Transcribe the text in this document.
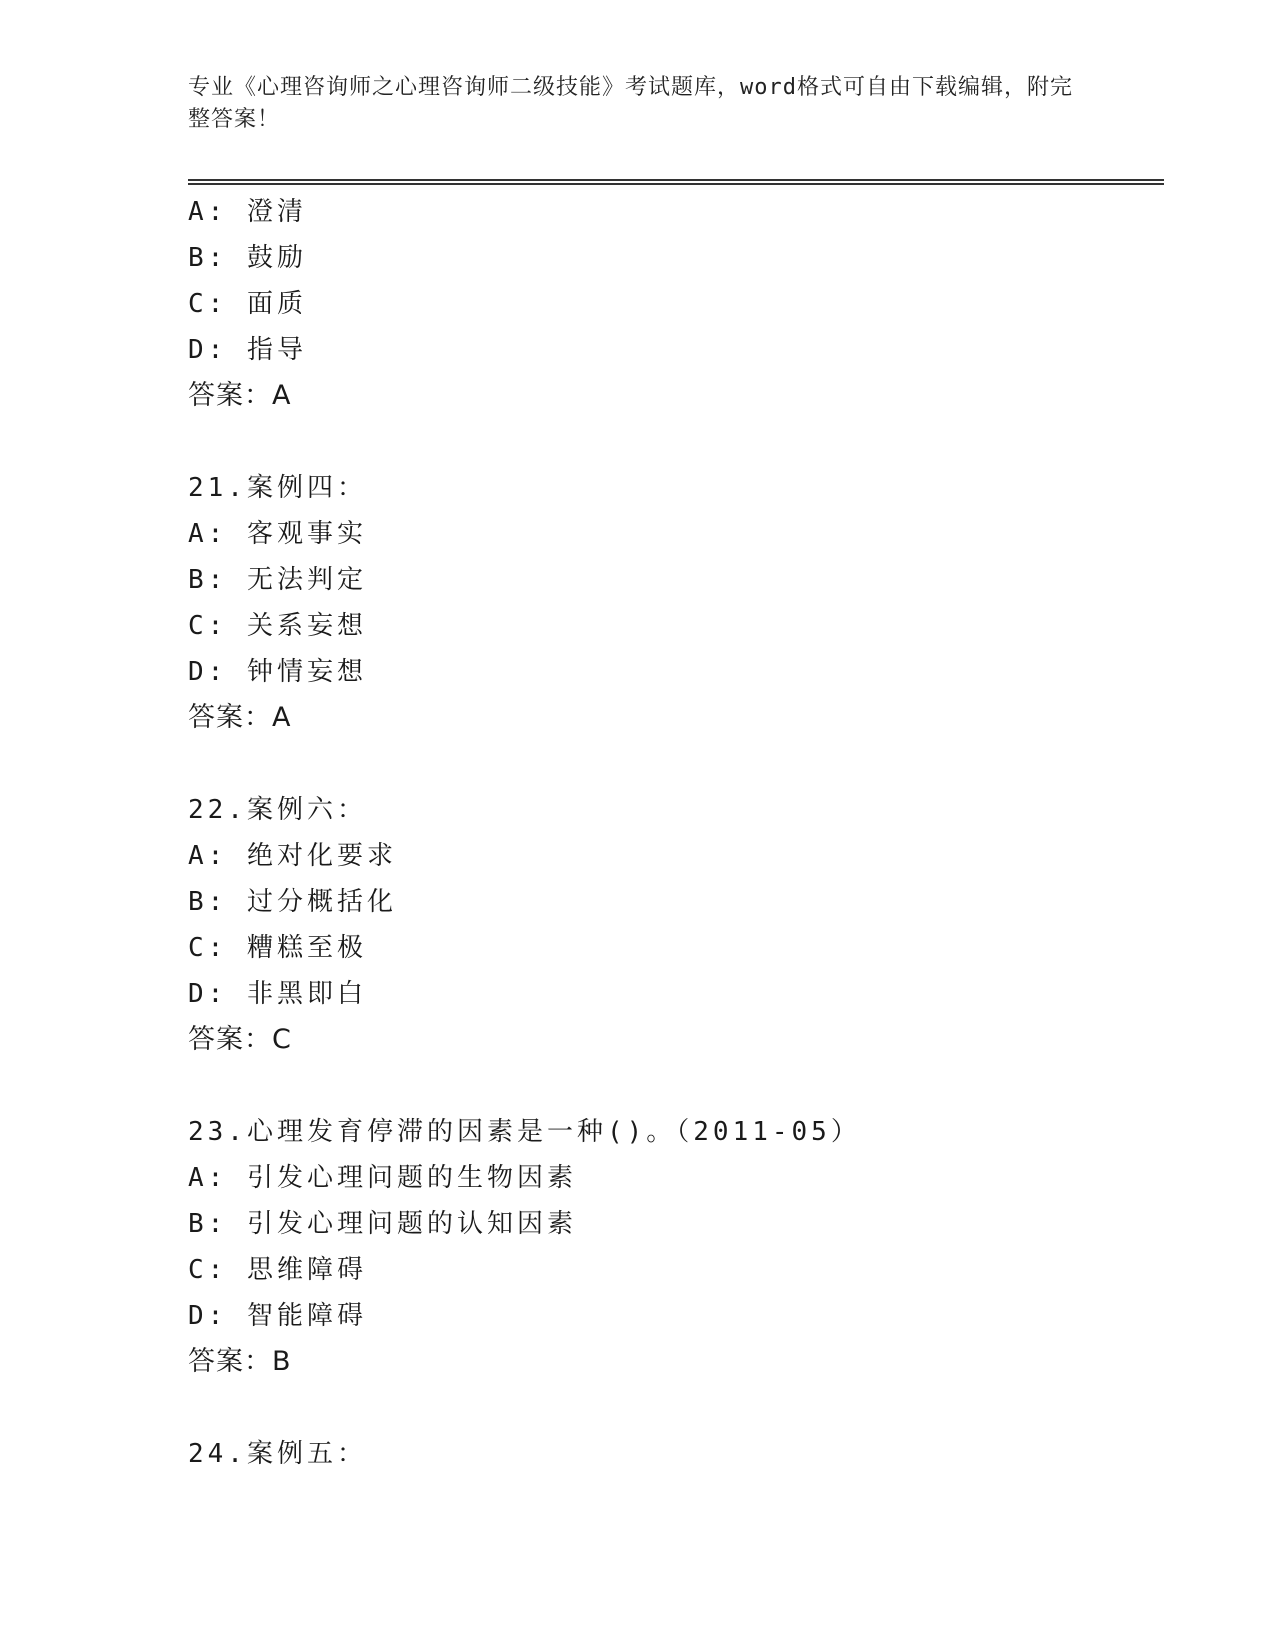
专业《心理咨询师之心理咨询师二级技能》考试题库，word格式可自由下载编辑，附完整答案！
A: 澄清
B: 鼓励
C: 面质
D: 指导
答案：A
21.案例四：
A: 客观事实
B: 无法判定
C: 关系妄想
D: 钟情妄想
答案：A
22.案例六：
A: 绝对化要求
B: 过分概括化
C: 糟糕至极
D: 非黑即白
答案：C
23.心理发育停滞的因素是一种()。（2011-05）
A: 引发心理问题的生物因素
B: 引发心理问题的认知因素
C: 思维障碍
D: 智能障碍
答案：B
24.案例五：
